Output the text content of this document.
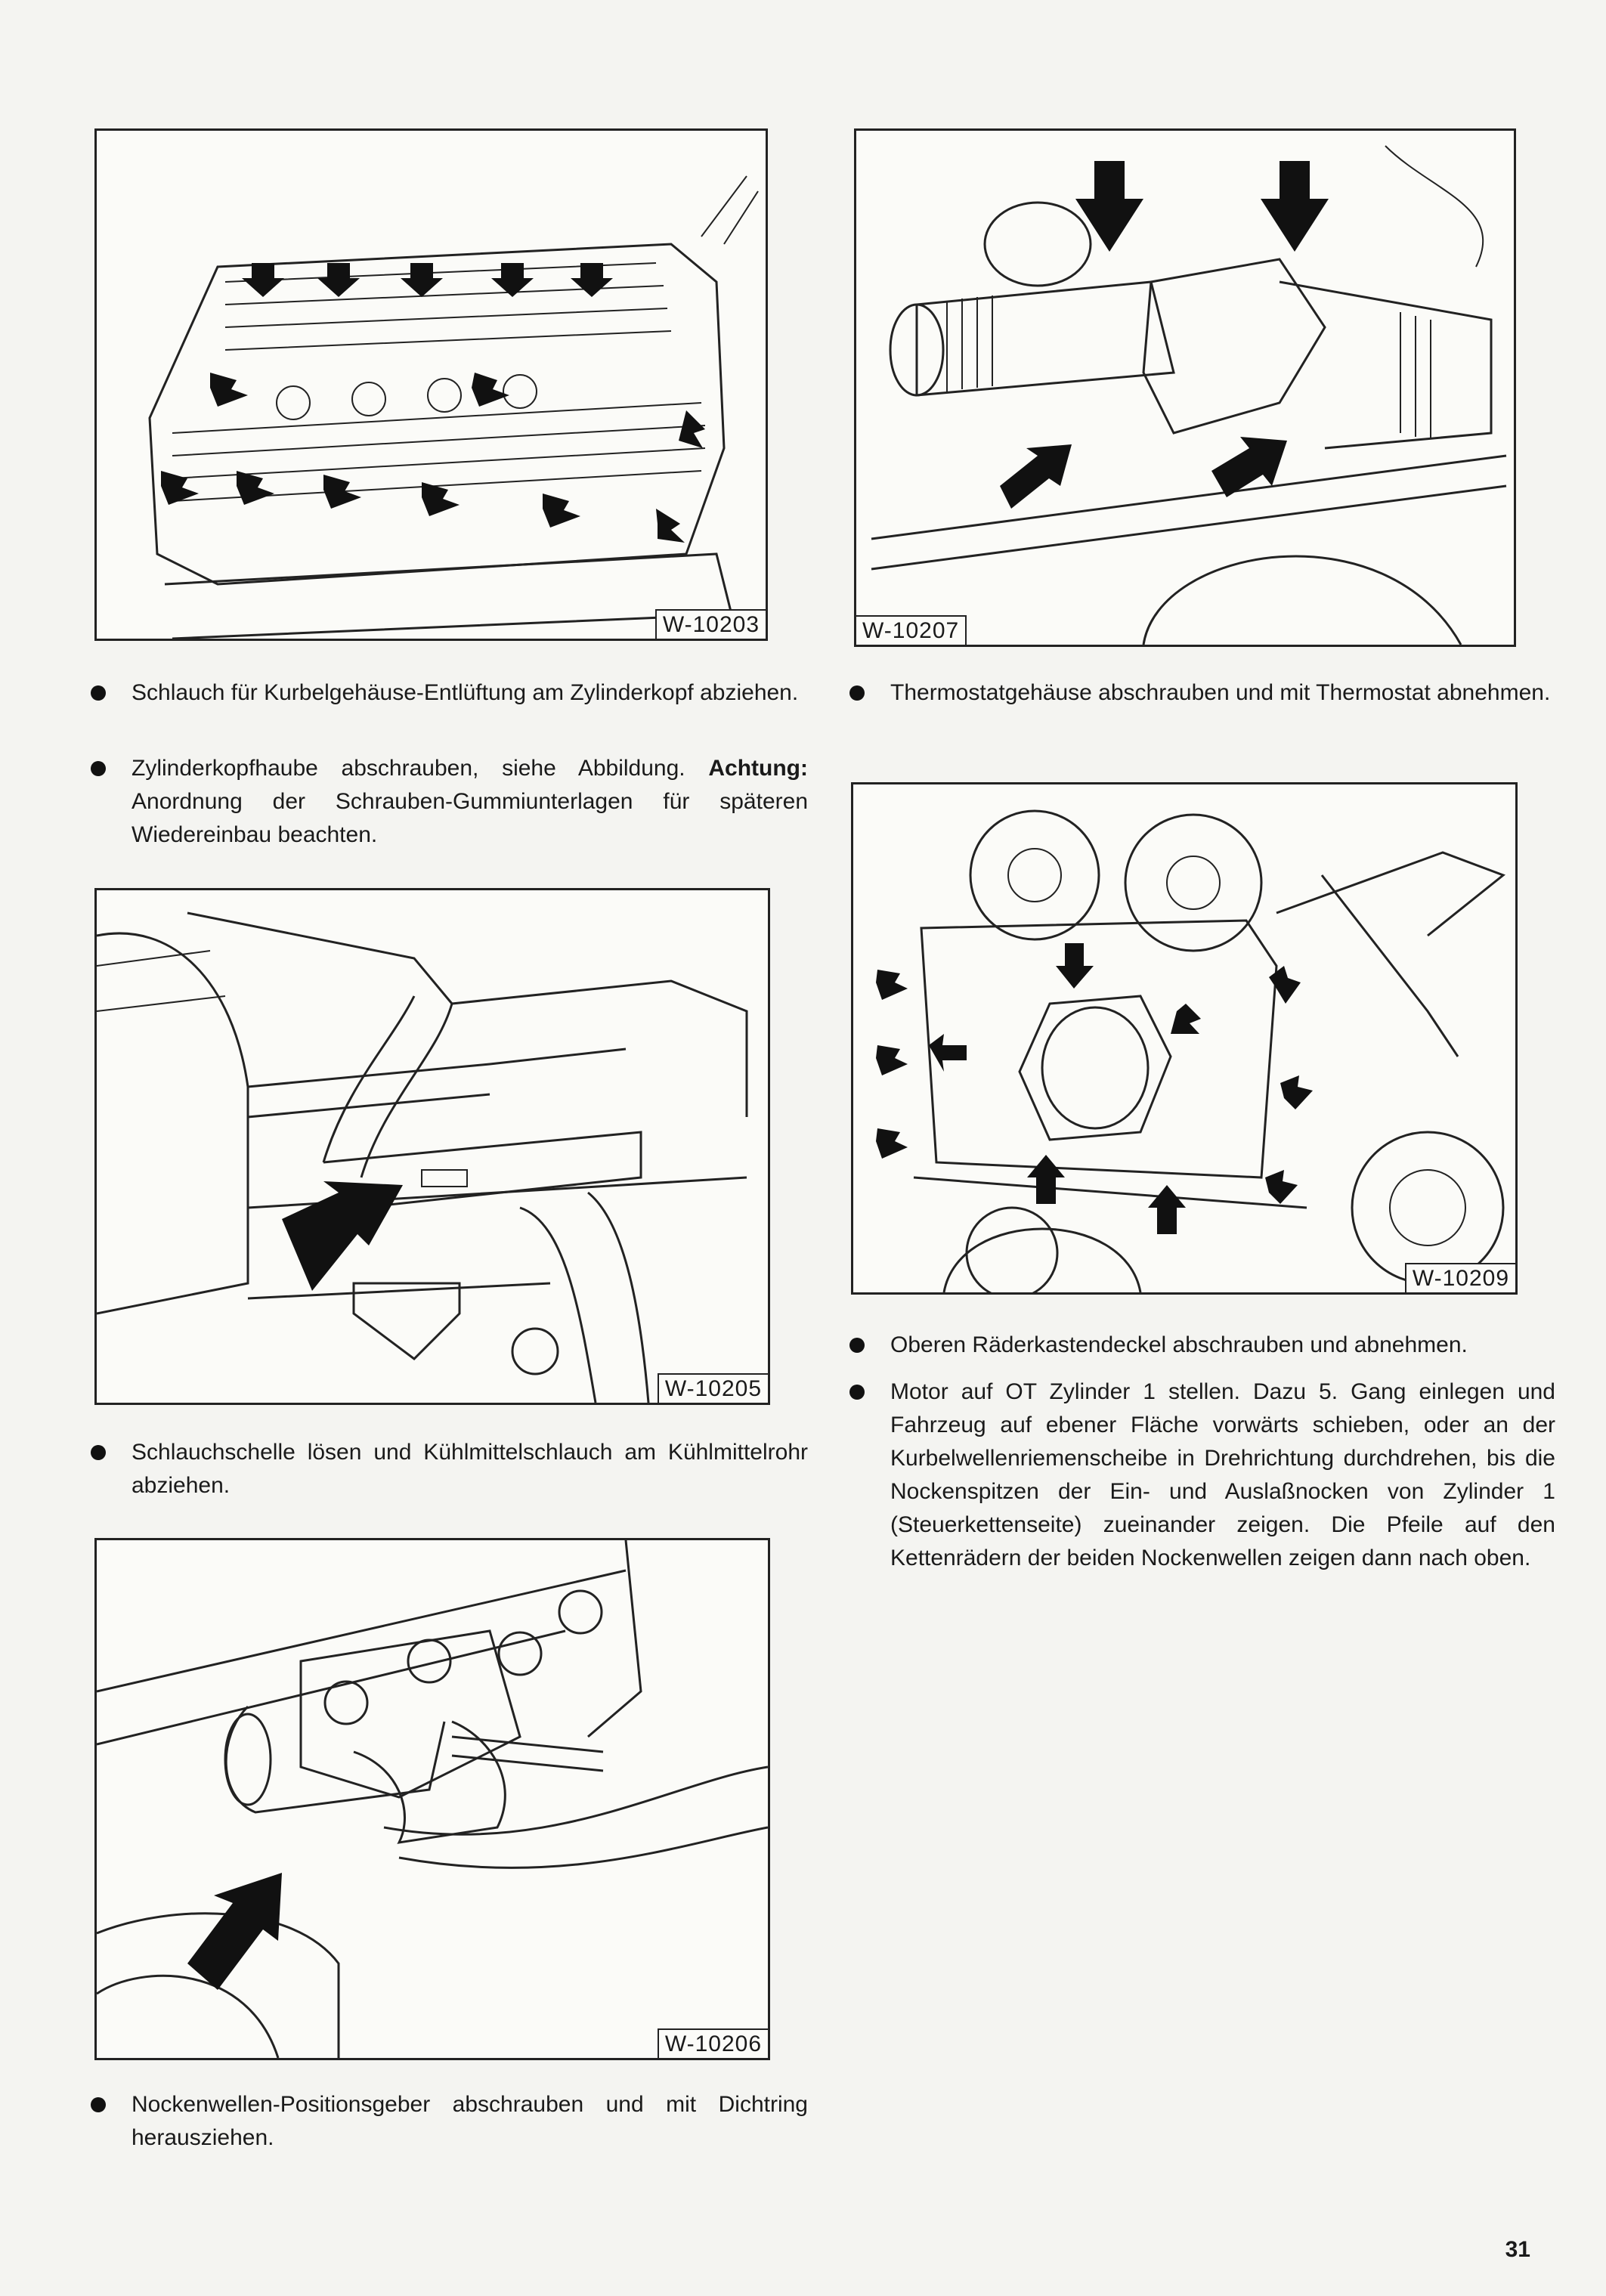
W-10203	W-10207
Schlauch für Kurbelgehäuse-Entlüftung am Zylinderkopf abziehen.
Zylinderkopfhaube abschrauben, siehe Abbildung. Achtung: Anordnung der Schrauben-Gummiunterlagen für späteren Wiedereinbau beachten.
W-10205
Schlauchschelle lösen und Kühlmittelschlauch am Kühlmittelrohr abziehen.
W-10209
Thermostatgehäuse abschrauben und mit Thermostat abnehmen.
Oberen Räderkastendeckel abschrauben und abnehmen.
Motor auf OT Zylinder 1 stellen. Dazu 5. Gang einlegen und Fahrzeug auf ebener Fläche vorwärts schieben, oder an der Kurbelwellenriemenscheibe in Drehrichtung durchdrehen, bis die Nockenspitzen der Ein- und Auslaßnocken von Zylinder 1 (Steuerkettenseite) zueinander zeigen. Die Pfeile auf den Kettenrädern der beiden Nockenwellen zeigen dann nach oben.
W-10206
Nockenwellen-Positionsgeber abschrauben und mit Dichtring herausziehen.
31
